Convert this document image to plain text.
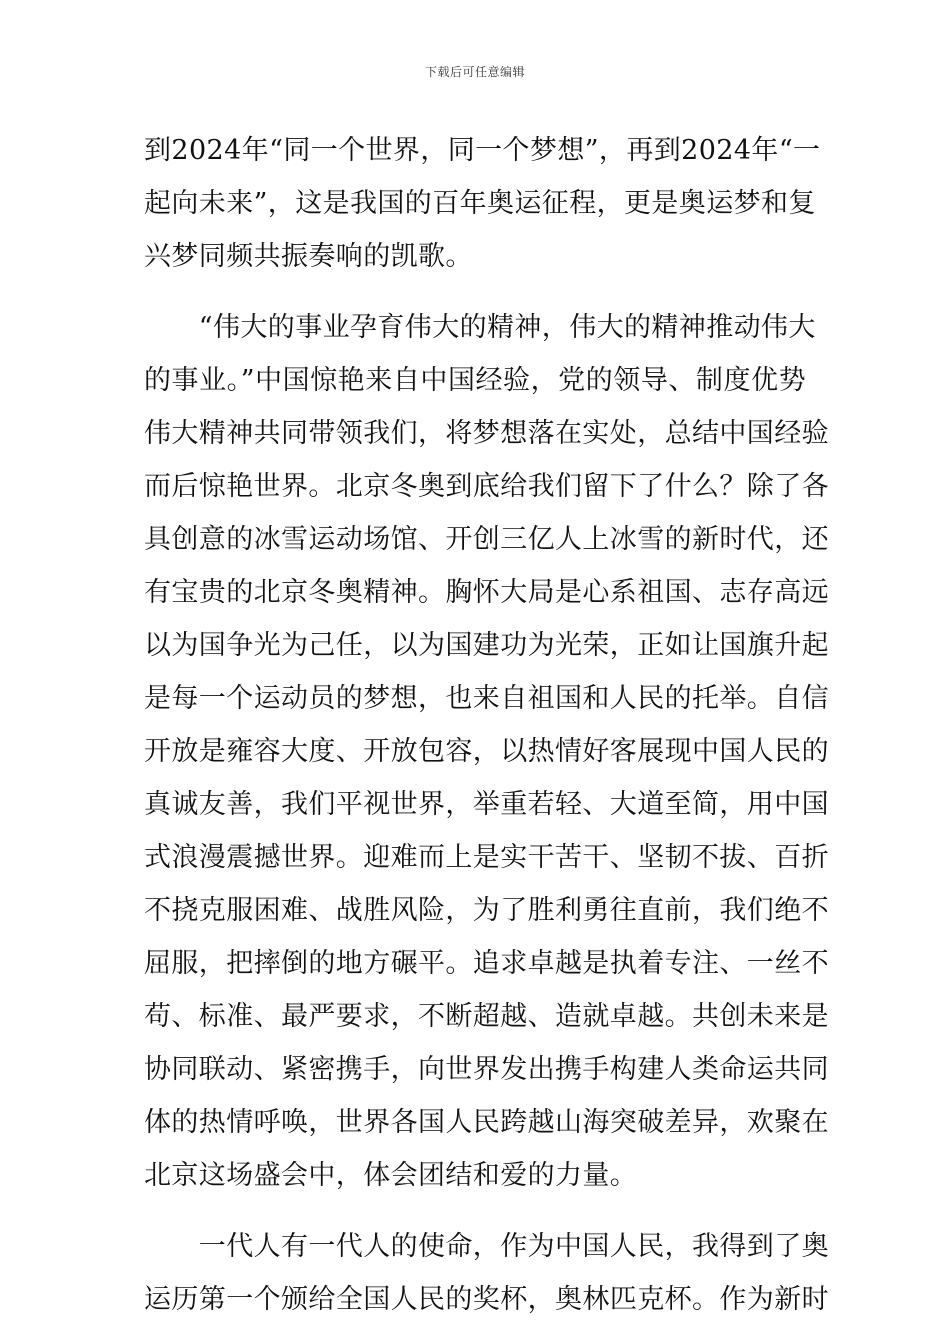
下载后可任意编辑
到2024年“同一个世界，同一个梦想”，再到2024年“一
起向未来”，这是我国的百年奥运征程，更是奥运梦和复
兴梦同频共振奏响的凯歌。
　　“伟大的事业孕育伟大的精神，伟大的精神推动伟大
的事业。”中国惊艳来自中国经验，党的领导、制度优势
伟大精神共同带领我们，将梦想落在实处，总结中国经验
而后惊艳世界。北京冬奥到底给我们留下了什么？除了各
具创意的冰雪运动场馆、开创三亿人上冰雪的新时代，还
有宝贵的北京冬奥精神。胸怀大局是心系祖国、志存高远
以为国争光为己任，以为国建功为光荣，正如让国旗升起
是每一个运动员的梦想，也来自祖国和人民的托举。自信
开放是雍容大度、开放包容，以热情好客展现中国人民的
真诚友善，我们平视世界，举重若轻、大道至简，用中国
式浪漫震撼世界。迎难而上是实干苦干、坚韧不拔、百折
不挠克服困难、战胜风险，为了胜利勇往直前，我们绝不
屈服，把摔倒的地方碾平。追求卓越是执着专注、一丝不
苟、标准、最严要求，不断超越、造就卓越。共创未来是
协同联动、紧密携手，向世界发出携手构建人类命运共同
体的热情呼唤，世界各国人民跨越山海突破差异，欢聚在
北京这场盛会中，体会团结和爱的力量。
　　一代人有一代人的使命，作为中国人民，我得到了奥
运历第一个颁给全国人民的奖杯，奥林匹克杯。作为新时
